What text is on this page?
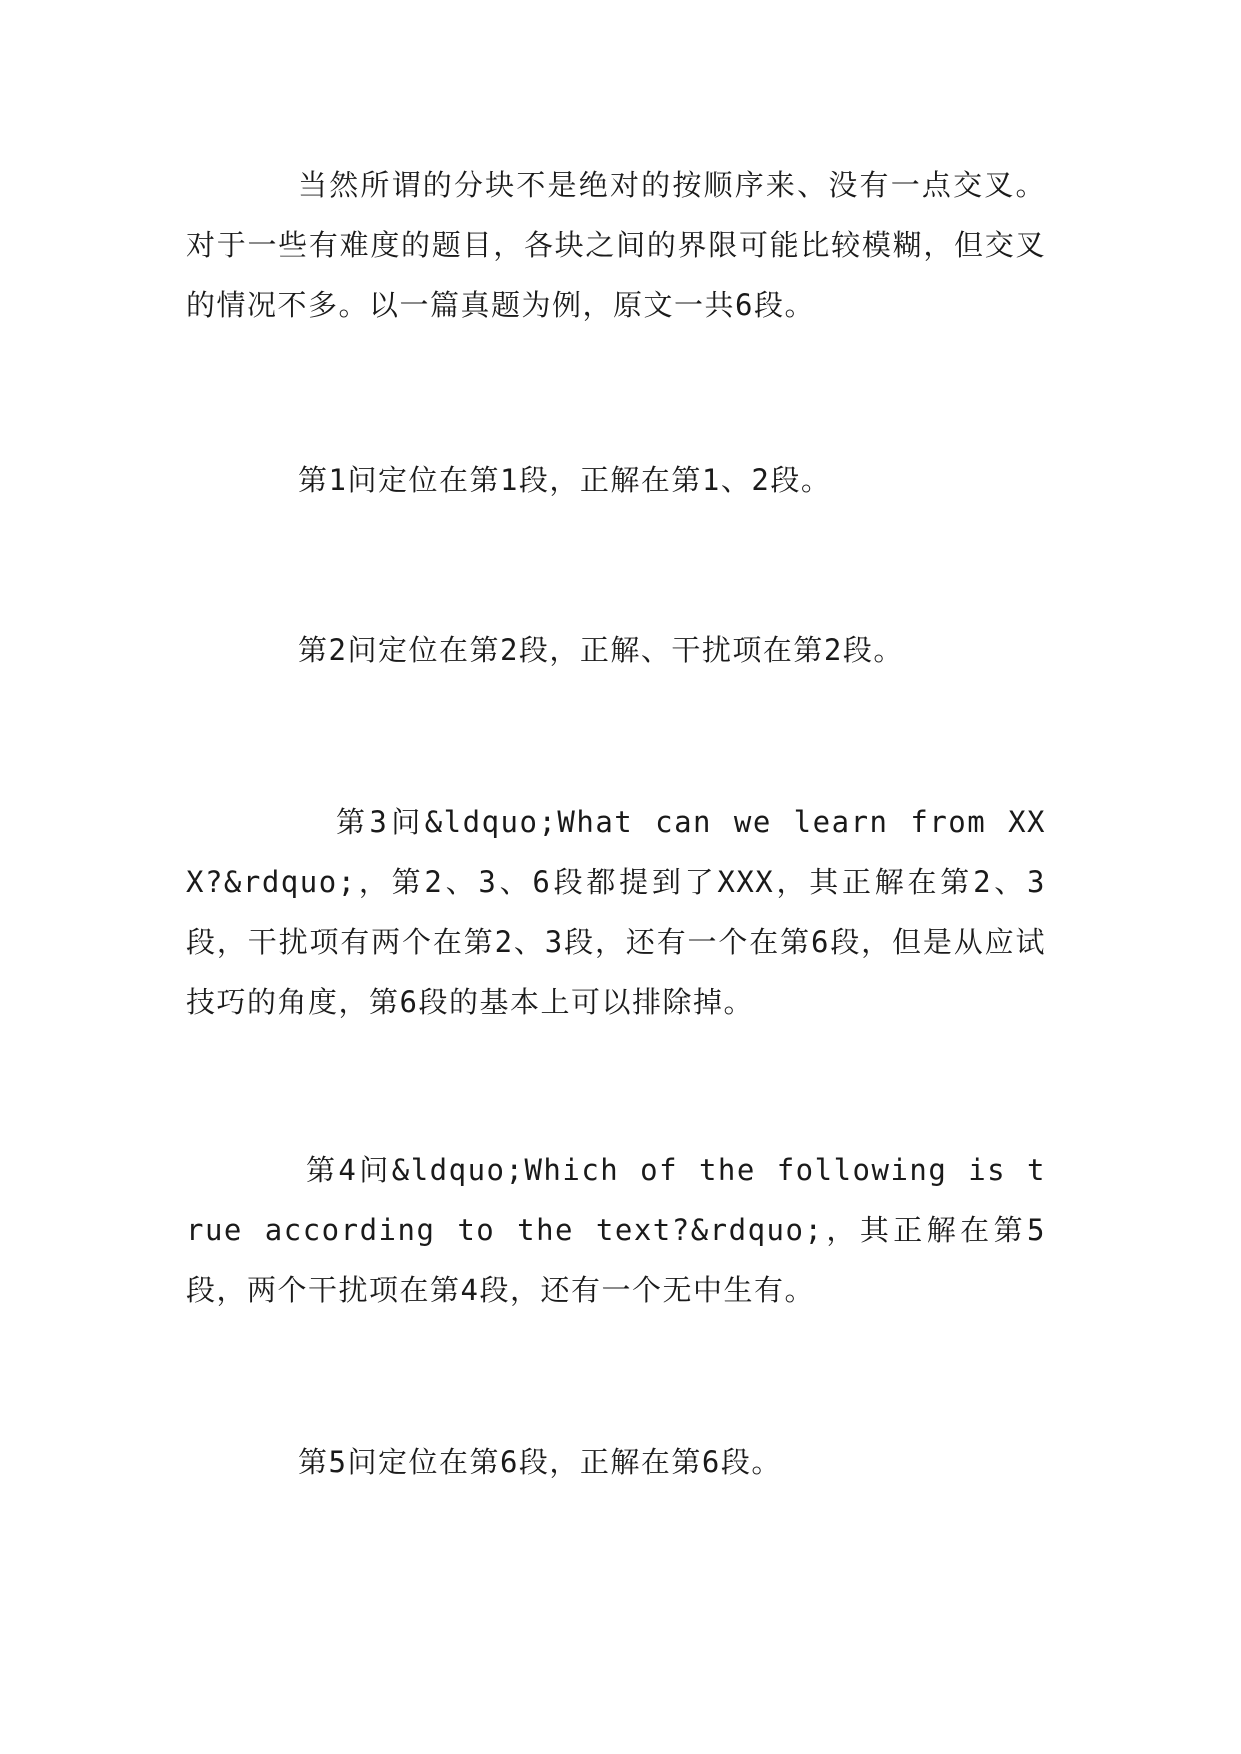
当然所谓的分块不是绝对的按顺序来、没有一点交叉。对于一些有难度的题目，各块之间的界限可能比较模糊，但交叉的情况不多。以一篇真题为例，原文一共6段。

第1问定位在第1段，正解在第1、2段。

第2问定位在第2段，正解、干扰项在第2段。

第3问&ldquo;What can we learn from XXX?&rdquo;，第2、3、6段都提到了XXX，其正解在第2、3段，干扰项有两个在第2、3段，还有一个在第6段，但是从应试技巧的角度，第6段的基本上可以排除掉。

第4问&ldquo;Which of the following is true according to the text?&rdquo;，其正解在第5段，两个干扰项在第4段，还有一个无中生有。

第5问定位在第6段，正解在第6段。
